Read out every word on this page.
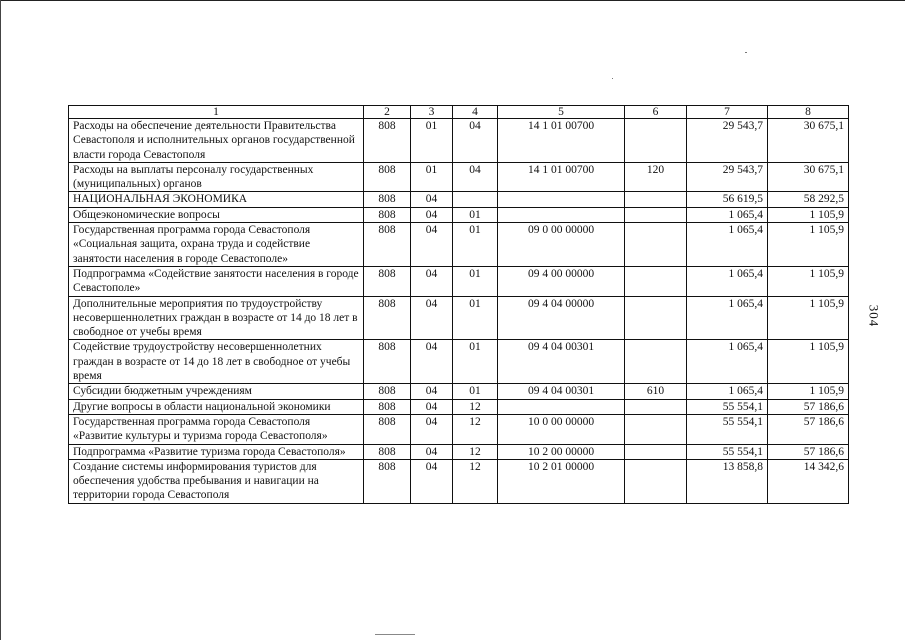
304
1	2	3	4	5	6	7	8
Расходы на обеспечение деятельности Правительства Севастополя и исполнительных органов государственной власти города Севастополя	808	01	04	14 1 01 00700		29 543,7	30 675,1
Расходы на выплаты персоналу государственных (муниципальных) органов	808	01	04	14 1 01 00700	120	29 543,7	30 675,1
НАЦИОНАЛЬНАЯ ЭКОНОМИКА	808	04				56 619,5	58 292,5
Общеэкономические вопросы	808	04	01			1 065,4	1 105,9
Государственная программа города Севастополя «Социальная защита, охрана труда и содействие занятости населения в городе Севастополе»	808	04	01	09 0 00 00000		1 065,4	1 105,9
Подпрограмма «Содействие занятости населения в городе Севастополе»	808	04	01	09 4 00 00000		1 065,4	1 105,9
Дополнительные мероприятия по трудоустройству несовершеннолетних граждан в возрасте от 14 до 18 лет в свободное от учебы время	808	04	01	09 4 04 00000		1 065,4	1 105,9
Содействие трудоустройству несовершеннолетних граждан в возрасте от 14 до 18 лет в свободное от учебы время	808	04	01	09 4 04 00301		1 065,4	1 105,9
Субсидии бюджетным учреждениям	808	04	01	09 4 04 00301	610	1 065,4	1 105,9
Другие вопросы в области национальной экономики	808	04	12			55 554,1	57 186,6
Государственная программа города Севастополя «Развитие культуры и туризма города Севастополя»	808	04	12	10 0 00 00000		55 554,1	57 186,6
Подпрограмма «Развитие туризма города Севастополя»	808	04	12	10 2 00 00000		55 554,1	57 186,6
Создание системы информирования туристов для обеспечения удобства пребывания и навигации на территории города Севастополя	808	04	12	10 2 01 00000		13 858,8	14 342,6
